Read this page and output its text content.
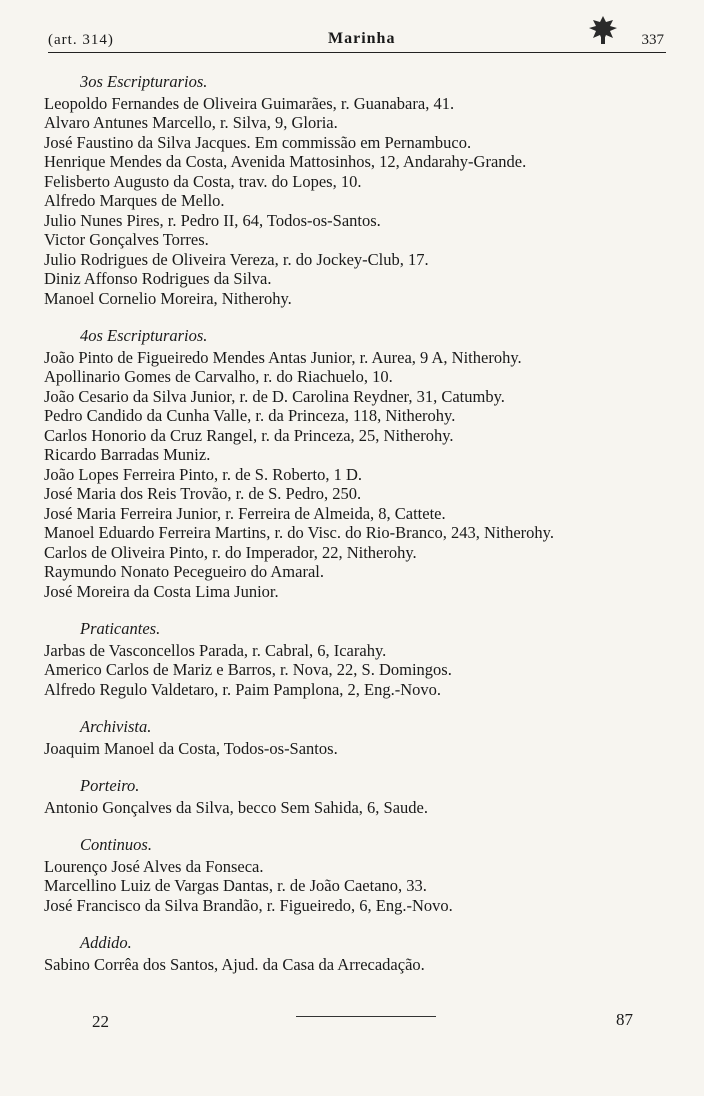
(art. 314)	Marinha	337
3os Escripturarios.
Leopoldo Fernandes de Oliveira Guimarães, r. Guanabara, 41.
Alvaro Antunes Marcello, r. Silva, 9, Gloria.
José Faustino da Silva Jacques. Em commissão em Pernambuco.
Henrique Mendes da Costa, Avenida Mattosinhos, 12, Andarahy-Grande.
Felisberto Augusto da Costa, trav. do Lopes, 10.
Alfredo Marques de Mello.
Julio Nunes Pires, r. Pedro II, 64, Todos-os-Santos.
Victor Gonçalves Torres.
Julio Rodrigues de Oliveira Vereza, r. do Jockey-Club, 17.
Diniz Affonso Rodrigues da Silva.
Manoel Cornelio Moreira, Nitherohy.
4os Escripturarios.
João Pinto de Figueiredo Mendes Antas Junior, r. Aurea, 9 A, Nitherohy.
Apollinario Gomes de Carvalho, r. do Riachuelo, 10.
João Cesario da Silva Junior, r. de D. Carolina Reydner, 31, Catumby.
Pedro Candido da Cunha Valle, r. da Princeza, 118, Nitherohy.
Carlos Honorio da Cruz Rangel, r. da Princeza, 25, Nitherohy.
Ricardo Barradas Muniz.
João Lopes Ferreira Pinto, r. de S. Roberto, 1 D.
José Maria dos Reis Trovão, r. de S. Pedro, 250.
José Maria Ferreira Junior, r. Ferreira de Almeida, 8, Cattete.
Manoel Eduardo Ferreira Martins, r. do Visc. do Rio-Branco, 243, Nitherohy.
Carlos de Oliveira Pinto, r. do Imperador, 22, Nitherohy.
Raymundo Nonato Pecegueiro do Amaral.
José Moreira da Costa Lima Junior.
Praticantes.
Jarbas de Vasconcellos Parada, r. Cabral, 6, Icarahy.
Americo Carlos de Mariz e Barros, r. Nova, 22, S. Domingos.
Alfredo Regulo Valdetaro, r. Paim Pamplona, 2, Eng.-Novo.
Archivista.
Joaquim Manoel da Costa, Todos-os-Santos.
Porteiro.
Antonio Gonçalves da Silva, becco Sem Sahida, 6, Saude.
Continuos.
Lourenço José Alves da Fonseca.
Marcellino Luiz de Vargas Dantas, r. de João Caetano, 33.
José Francisco da Silva Brandão, r. Figueiredo, 6, Eng.-Novo.
Addido.
Sabino Corrêa dos Santos, Ajud. da Casa da Arrecadação.
22	87
